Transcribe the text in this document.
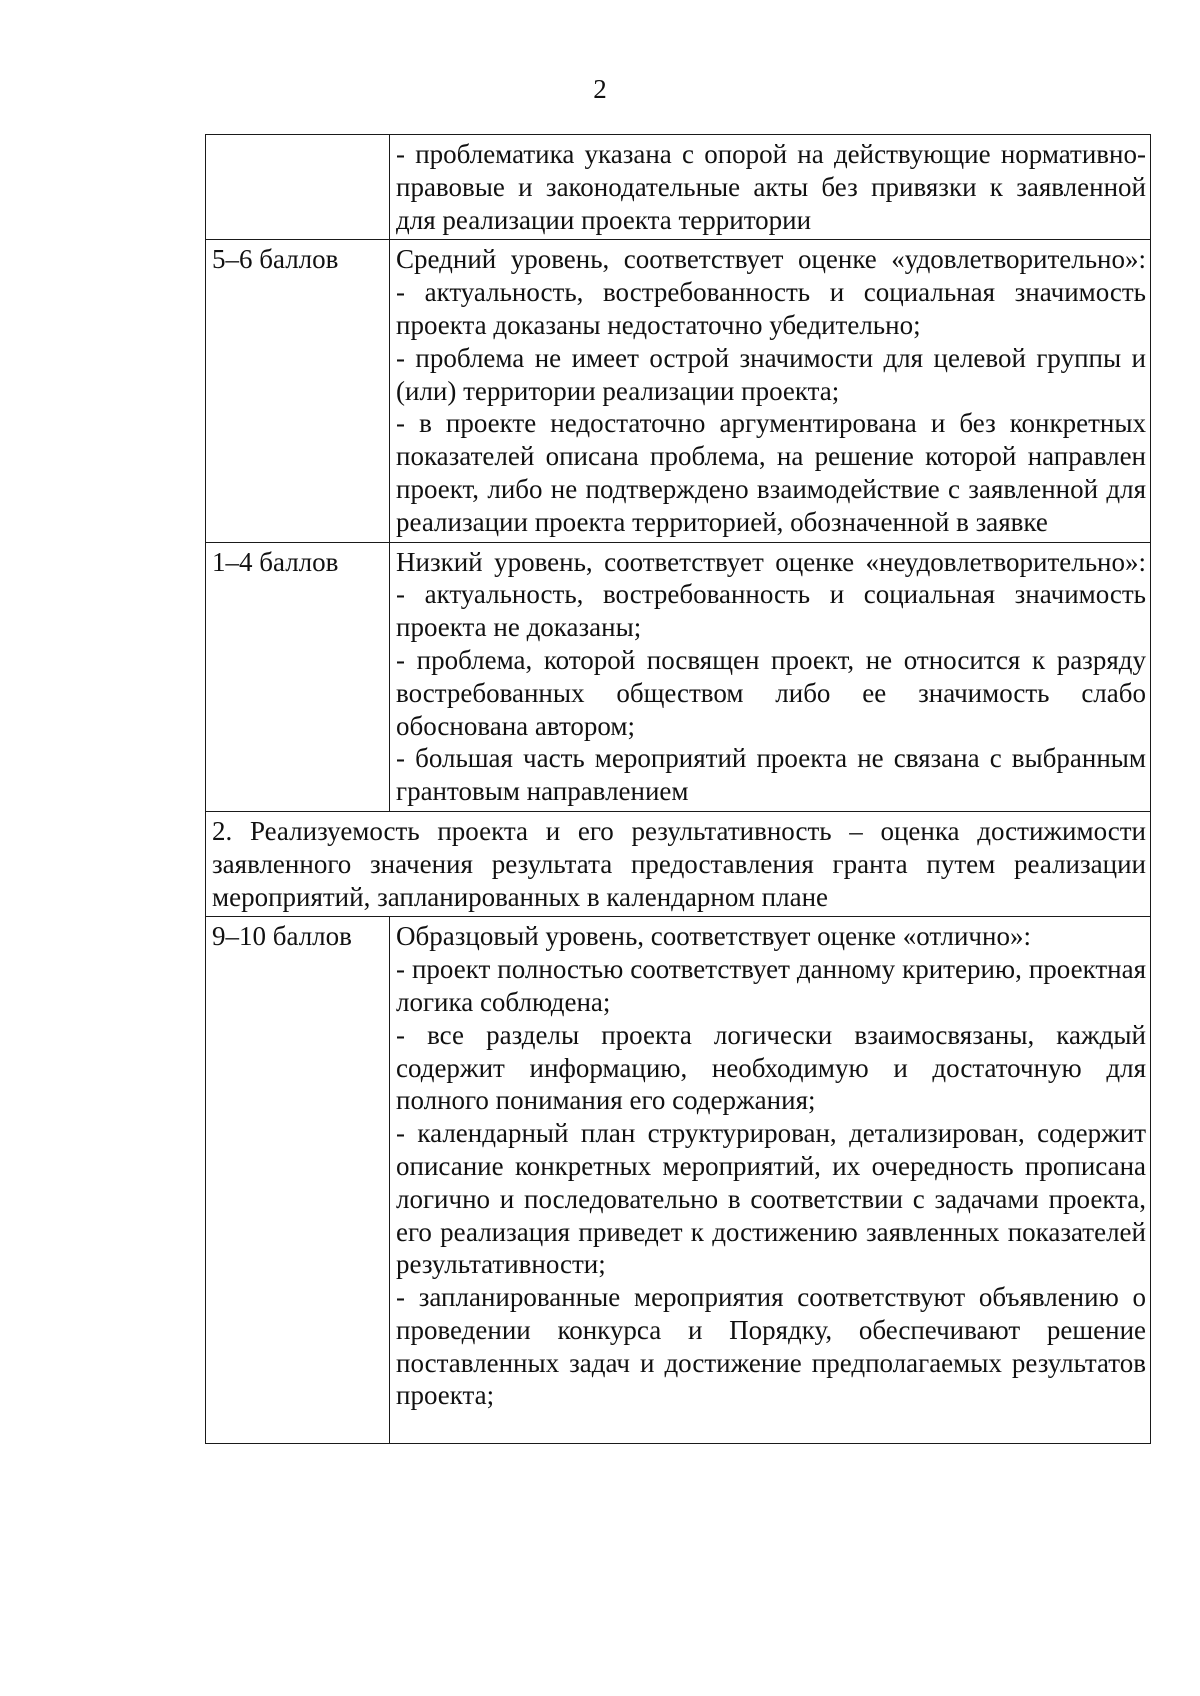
2

	- проблематика указана с опорой на действующие нормативно-правовые и законодательные акты без привязки к заявленной для реализации проекта территории

5–6 баллов	Средний уровень, соответствует оценке «удовлетворительно»:

- актуальность, востребованность и социальная значимость проекта доказаны недостаточно убедительно;

- проблема не имеет острой значимости для целевой группы и (или) территории реализации проекта;

- в проекте недостаточно аргументирована и без конкретных показателей описана проблема, на решение которой направлен проект, либо не подтверждено взаимодействие с заявленной для реализации проекта территорией, обозначенной в заявке

1–4 баллов	Низкий уровень, соответствует оценке «неудовлетворительно»:

- актуальность, востребованность и социальная значимость проекта не доказаны;

- проблема, которой посвящен проект, не относится к разряду востребованных обществом либо ее значимость слабо обоснована автором;

- большая часть мероприятий проекта не связана с выбранным грантовым направлением

2. Реализуемость проекта и его результативность – оценка достижимости заявленного значения результата предоставления гранта путем реализации мероприятий, запланированных в календарном плане	

9–10 баллов	Образцовый уровень, соответствует оценке «отлично»:

- проект полностью соответствует данному критерию, проектная логика соблюдена;

- все разделы проекта логически взаимосвязаны, каждый содержит информацию, необходимую и достаточную для полного понимания его содержания;

- календарный план структурирован, детализирован, содержит описание конкретных мероприятий, их очередность прописана логично и последовательно в соответствии с задачами проекта, его реализация приведет к достижению заявленных показателей результативности;

- запланированные мероприятия соответствуют объявлению о проведении конкурса и Порядку, обеспечивают решение поставленных задач и достижение предполагаемых результатов проекта;
